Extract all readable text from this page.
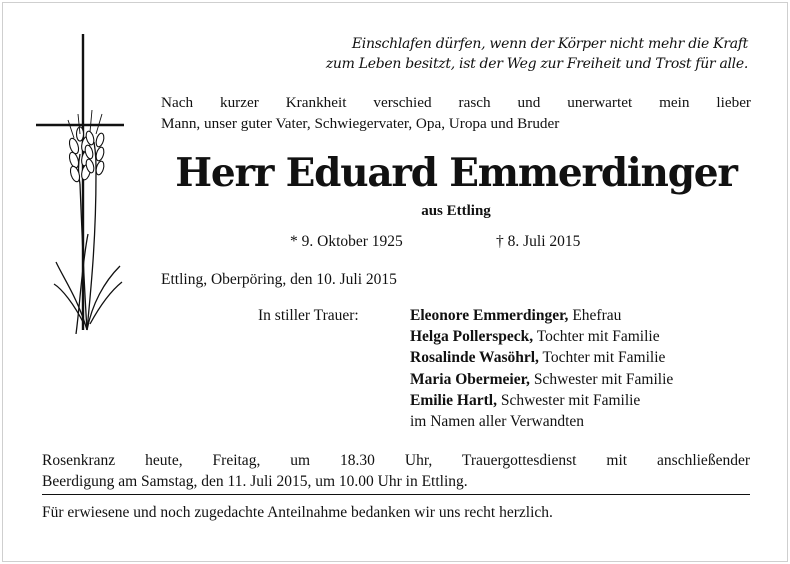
Einschlafen dürfen, wenn der Körper nicht mehr die Kraft
zum Leben besitzt, ist der Weg zur Freiheit und Trost für alle.
Nach kurzer Krankheit verschied rasch und unerwartet mein lieber
Mann, unser guter Vater, Schwiegervater, Opa, Uropa und Bruder
Herr Eduard Emmerdinger
aus Ettling
* 9. Oktober 1925	† 8. Juli 2015
Ettling, Oberpöring, den 10. Juli 2015
In stiller Trauer:	Eleonore Emmerdinger, Ehefrau
Helga Pollerspeck, Tochter mit Familie
Rosalinde Wasöhrl, Tochter mit Familie
Maria Obermeier, Schwester mit Familie
Emilie Hartl, Schwester mit Familie
im Namen aller Verwandten
Rosenkranz heute, Freitag, um 18.30 Uhr, Trauergottesdienst mit anschließender
Beerdigung am Samstag, den 11. Juli 2015, um 10.00 Uhr in Ettling.
Für erwiesene und noch zugedachte Anteilnahme bedanken wir uns recht herzlich.
